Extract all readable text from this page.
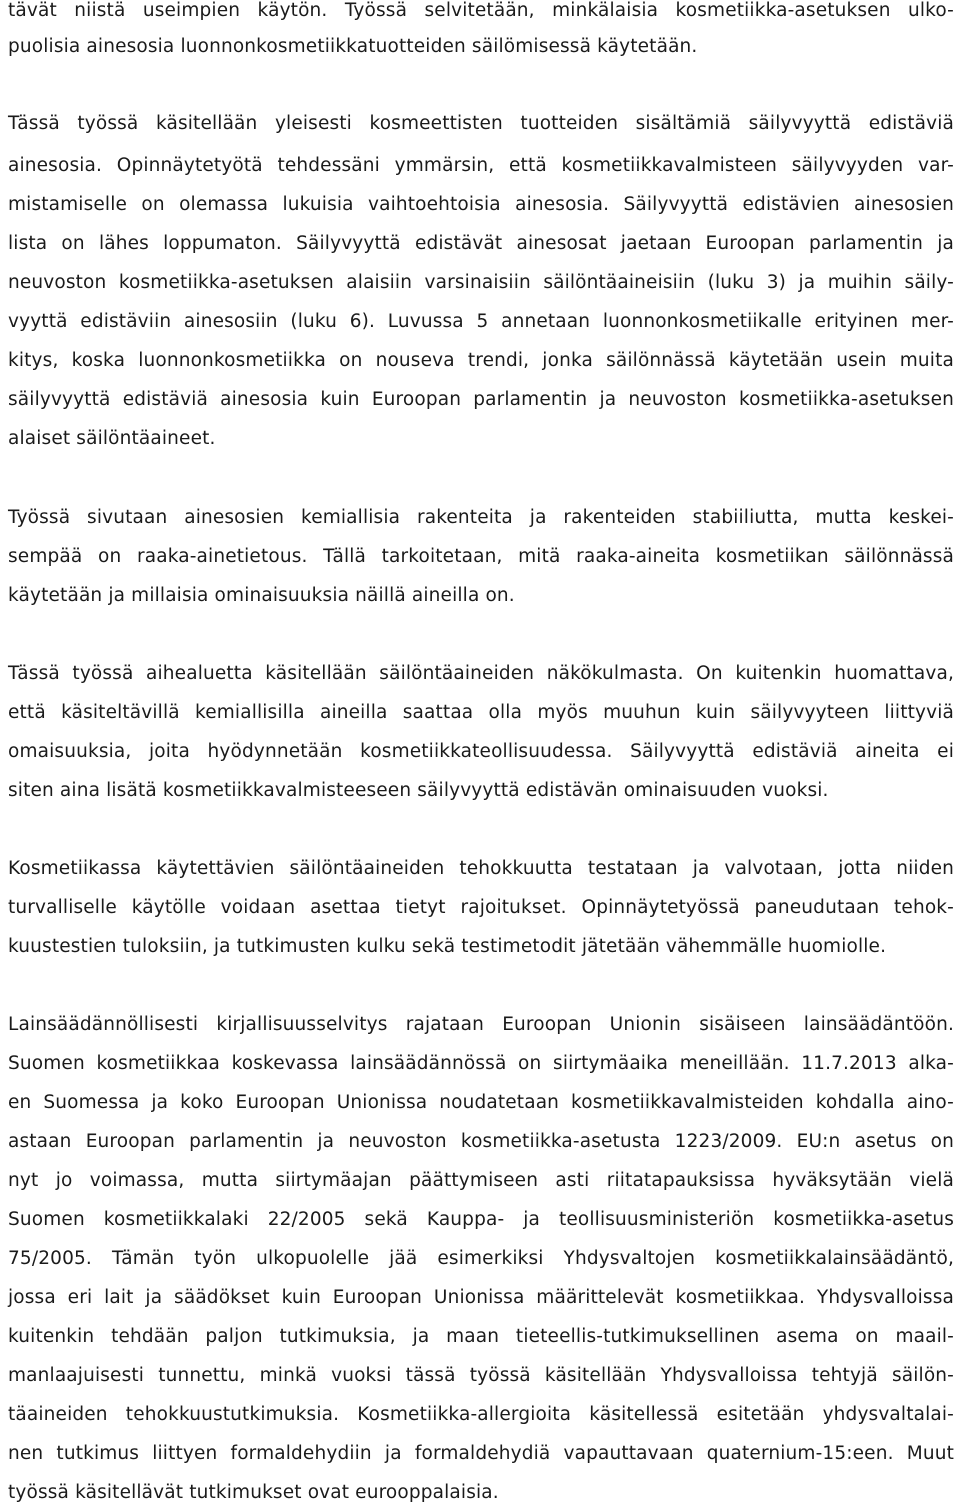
tävät niistä useimpien käytön. Työssä selvitetään, minkälaisia kosmetiikka-asetuksen ulko-
puolisia ainesosia luonnonkosmetiikkatuotteiden säilömisessä käytetään.
Tässä työssä käsitellään yleisesti kosmeettisten tuotteiden sisältämiä säilyvyyttä edistäviä
ainesosia. Opinnäytetyötä tehdessäni ymmärsin, että kosmetiikkavalmisteen säilyvyyden var-
mistamiselle on olemassa lukuisia vaihtoehtoisia ainesosia. Säilyvyyttä edistävien ainesosien
lista on lähes loppumaton. Säilyvyyttä edistävät ainesosat jaetaan Euroopan parlamentin ja
neuvoston kosmetiikka-asetuksen alaisiin varsinaisiin säilöntäaineisiin (luku 3) ja muihin säily-
vyyttä edistäviin ainesosiin (luku 6). Luvussa 5 annetaan luonnonkosmetiikalle erityinen mer-
kitys, koska luonnonkosmetiikka on nouseva trendi, jonka säilönnässä käytetään usein muita
säilyvyyttä edistäviä ainesosia kuin Euroopan parlamentin ja neuvoston kosmetiikka-asetuksen
alaiset säilöntäaineet.
Työssä sivutaan ainesosien kemiallisia rakenteita ja rakenteiden stabiiliutta, mutta keskei-
sempää on raaka-ainetietous. Tällä tarkoitetaan, mitä raaka-aineita kosmetiikan säilönnässä
käytetään ja millaisia ominaisuuksia näillä aineilla on.
Tässä työssä aihealuetta käsitellään säilöntäaineiden näkökulmasta. On kuitenkin huomattava,
että käsiteltävillä kemiallisilla aineilla saattaa olla myös muuhun kuin säilyvyyteen liittyviä
omaisuuksia, joita hyödynnetään kosmetiikkateollisuudessa. Säilyvyyttä edistäviä aineita ei
siten aina lisätä kosmetiikkavalmisteeseen säilyvyyttä edistävän ominaisuuden vuoksi.
Kosmetiikassa käytettävien säilöntäaineiden tehokkuutta testataan ja valvotaan, jotta niiden
turvalliselle käytölle voidaan asettaa tietyt rajoitukset. Opinnäytetyössä paneudutaan tehok-
kuustestien tuloksiin, ja tutkimusten kulku sekä testimetodit jätetään vähemmälle huomiolle.
Lainsäädännöllisesti kirjallisuusselvitys rajataan Euroopan Unionin sisäiseen lainsäädäntöön.
Suomen kosmetiikkaa koskevassa lainsäädännössä on siirtymäaika meneillään. 11.7.2013 alka-
en Suomessa ja koko Euroopan Unionissa noudatetaan kosmetiikkavalmisteiden kohdalla aino-
astaan Euroopan parlamentin ja neuvoston kosmetiikka-asetusta 1223/2009. EU:n asetus on
nyt jo voimassa, mutta siirtymäajan päättymiseen asti riitatapauksissa hyväksytään vielä
Suomen kosmetiikkalaki 22/2005 sekä Kauppa- ja teollisuusministeriön kosmetiikka-asetus
75/2005. Tämän työn ulkopuolelle jää esimerkiksi Yhdysvaltojen kosmetiikkalainsäädäntö,
jossa eri lait ja säädökset kuin Euroopan Unionissa määrittelevät kosmetiikkaa. Yhdysvalloissa
kuitenkin tehdään paljon tutkimuksia, ja maan tieteellis-tutkimuksellinen asema on maail-
manlaajuisesti tunnettu, minkä vuoksi tässä työssä käsitellään Yhdysvalloissa tehtyjä säilön-
täaineiden tehokkuustutkimuksia. Kosmetiikka-allergioita käsitellessä esitetään yhdysvaltalai-
nen tutkimus liittyen formaldehydiin ja formaldehydiä vapauttavaan quaternium-15:een. Muut
työssä käsitellävät tutkimukset ovat eurooppalaisia.
